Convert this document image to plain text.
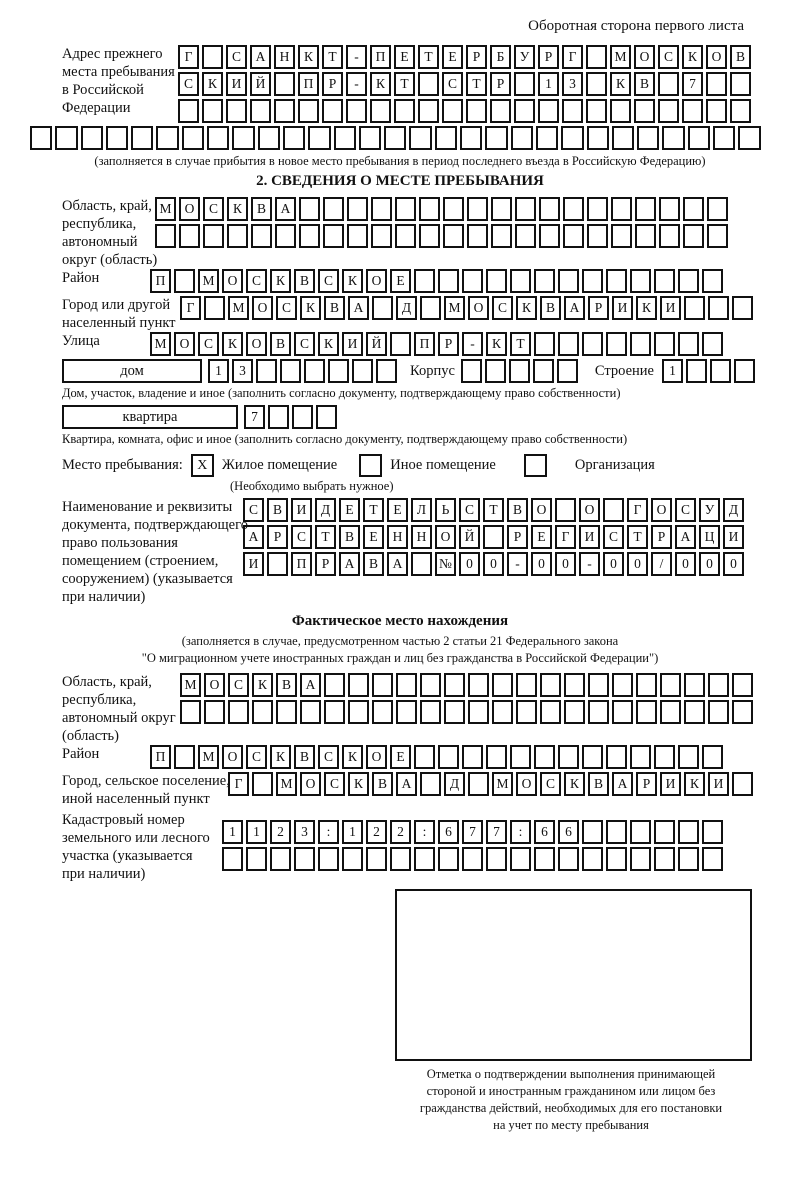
Оборотная сторона первого листа
Адрес прежнего
места пребывания
в Российской
Федерации
Г	С	А	Н	К	Т	-	П	Е	Т	Е	Р	Б	У	Р	Г	М О	С	К	О	В
С	К	И	Й	П	Р	-	К	Т	С	Т	Р	1	3	К	В	7
(заполняется в случае прибытия в новое место пребывания в период последнего въезда в Российскую Федерацию)
2. СВЕДЕНИЯ О МЕСТЕ ПРЕБЫВАНИЯ
Область, край,
республика,
автономный
округ (область)
М О	С	К	В	А
Район	П	М О	С	К	В	С	К	О	Е
Город или другой
населенный пункт
Г	М О	С	К	В	А	Д	М О	С	К	В	А	Р	И	К	И
Улица	М О	С	К	О	В	С	К	И	Й	П	Р	-	К	Т
дом	1	3	Корпус	Строение	1
Дом, участок, владение и иное (заполнить согласно документу, подтверждающему право собственности)
квартира	7
Квартира, комната, офис и иное (заполнить согласно документу, подтверждающему право собственности)
Место пребывания:	X Жилое помещение	Иное помещение	Организация
(Необходимо выбрать нужное)
Наименование и реквизиты
документа, подтверждающего
право пользования
помещением (строением,
сооружением) (указывается
при наличии)
С	В	И	Д	Е	Т	Е	Л	Ь	С	Т	В	О	О	Г	О	С	У	Д
А	Р	С	Т	В	Е	Н	Н	О	Й	Р	Е	Г	И	С	Т	Р	А	Ц	И
И	П	Р	А	В	А	№	0	0	-	0	0	-	0	0	/	0	0	0
Фактическое место нахождения
(заполняется в случае, предусмотренном частью 2 статьи 21 Федерального закона
"О миграционном учете иностранных граждан и лиц без гражданства в Российской Федерации")
Область, край,
республика,
автономный округ
(область)
М О	С	К	В	А
Район	П	М О	С	К	В	С	К	О	Е
Город, сельское поселение,
иной населенный пункт
Г	М О	С	К	В	А	Д	М О	С	К	В	А	Р	И	К	И
Кадастровый номер
земельного или лесного
участка (указывается
при наличии)
1	1	2	3	:	1	2	2	:	6	7	7	:	6	6
Отметка о подтверждении выполнения принимающей
стороной и иностранным гражданином или лицом без
гражданства действий, необходимых для его постановки
на учет по месту пребывания
